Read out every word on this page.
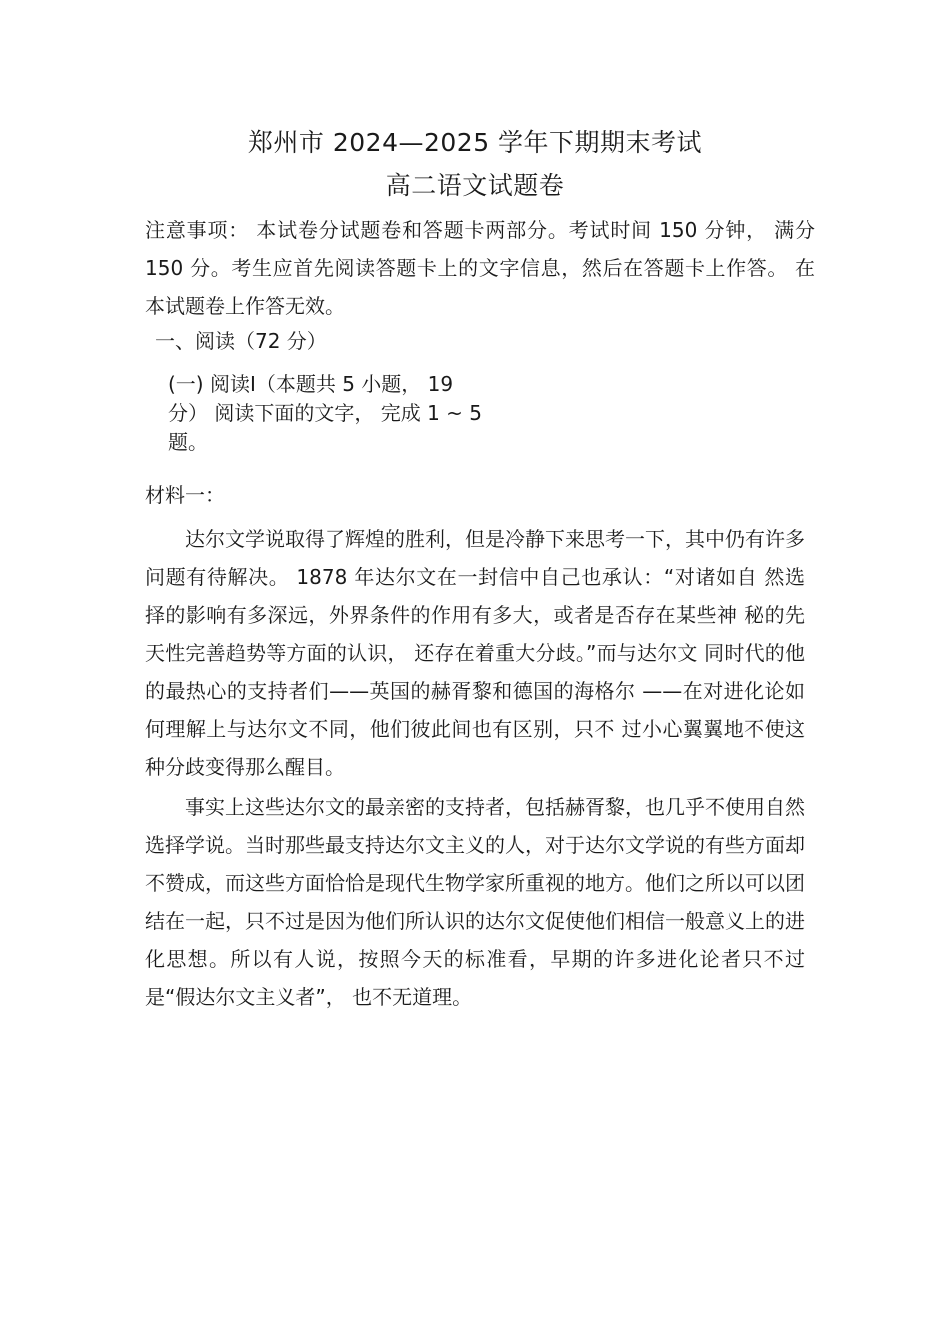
郑州市 2024—2025 学年下期期末考试
高二语文试题卷
注意事项： 本试卷分试题卷和答题卡两部分。考试时间 150 分钟， 满分 150 分。考生应首先阅读答题卡上的文字信息，然后在答题卡上作答。 在本试题卷上作答无效。
一、阅读（72 分）
(一) 阅读Ⅰ（本题共 5 小题， 19 分） 阅读下面的文字， 完成 1 ~ 5 题。
材料一：
达尔文学说取得了辉煌的胜利，但是冷静下来思考一下，其中仍有许多问题有待解决。 1878 年达尔文在一封信中自己也承认：“对诸如自 然选择的影响有多深远，外界条件的作用有多大，或者是否存在某些神 秘的先天性完善趋势等方面的认识， 还存在着重大分歧。”而与达尔文 同时代的他的最热心的支持者们——英国的赫胥黎和德国的海格尔 ——在对进化论如何理解上与达尔文不同，他们彼此间也有区别，只不 过小心翼翼地不使这种分歧变得那么醒目。
事实上这些达尔文的最亲密的支持者，包括赫胥黎，也几乎不使用自然选择学说。当时那些最支持达尔文主义的人，对于达尔文学说的有些方面却不赞成，而这些方面恰恰是现代生物学家所重视的地方。他们之所以可以团结在一起，只不过是因为他们所认识的达尔文促使他们相信一般意义上的进化思想。所以有人说，按照今天的标准看，早期的许多进化论者只不过是“假达尔文主义者”， 也不无道理。
